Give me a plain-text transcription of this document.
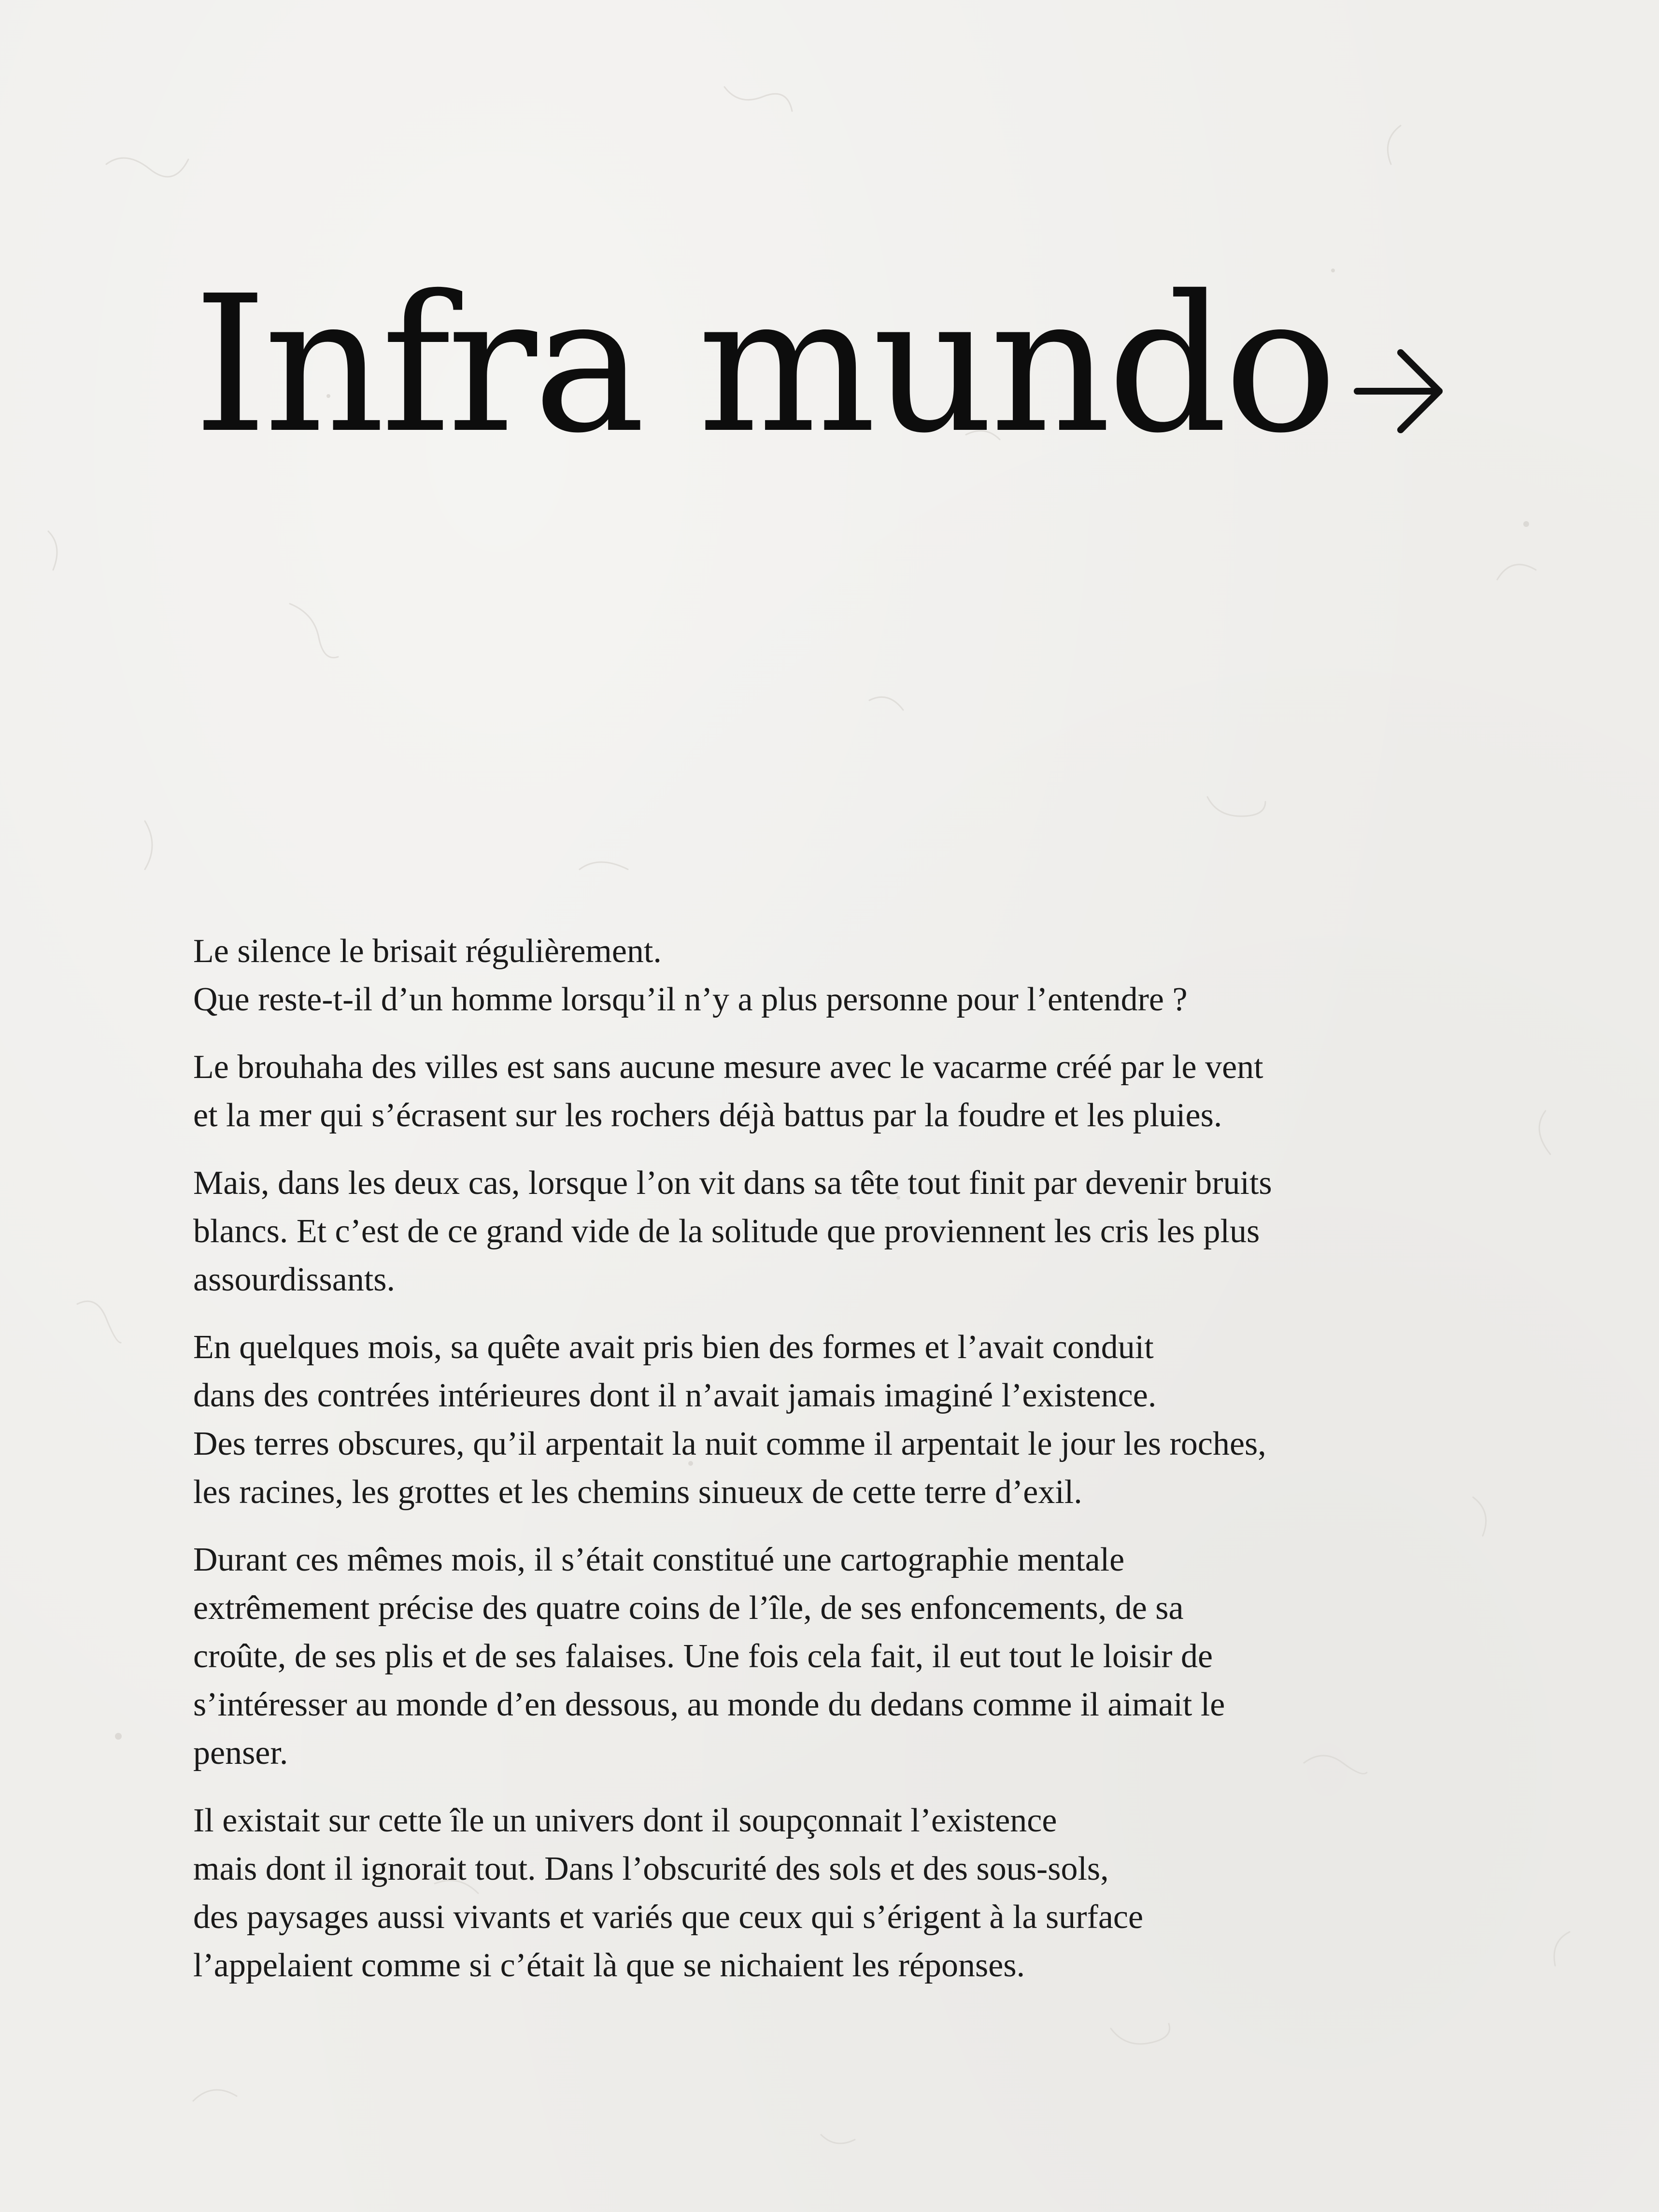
Infra mundo

Le silence le brisait régulièrement.
Que reste-t-il d’un homme lorsqu’il n’y a plus personne pour l’entendre ?

Le brouhaha des villes est sans aucune mesure avec le vacarme créé par le vent
et la mer qui s’écrasent sur les rochers déjà battus par la foudre et les pluies.

Mais, dans les deux cas, lorsque l’on vit dans sa tête tout finit par devenir bruits
blancs. Et c’est de ce grand vide de la solitude que proviennent les cris les plus
assourdissants.

En quelques mois, sa quête avait pris bien des formes et l’avait conduit
dans des contrées intérieures dont il n’avait jamais imaginé l’existence.
Des terres obscures, qu’il arpentait la nuit comme il arpentait le jour les roches,
les racines, les grottes et les chemins sinueux de cette terre d’exil.

Durant ces mêmes mois, il s’était constitué une cartographie mentale
extrêmement précise des quatre coins de l’île, de ses enfoncements, de sa
croûte, de ses plis et de ses falaises. Une fois cela fait, il eut tout le loisir de
s’intéresser au monde d’en dessous, au monde du dedans comme il aimait le
penser.

Il existait sur cette île un univers dont il soupçonnait l’existence
mais dont il ignorait tout. Dans l’obscurité des sols et des sous-sols,
des paysages aussi vivants et variés que ceux qui s’érigent à la surface
l’appelaient comme si c’était là que se nichaient les réponses.
